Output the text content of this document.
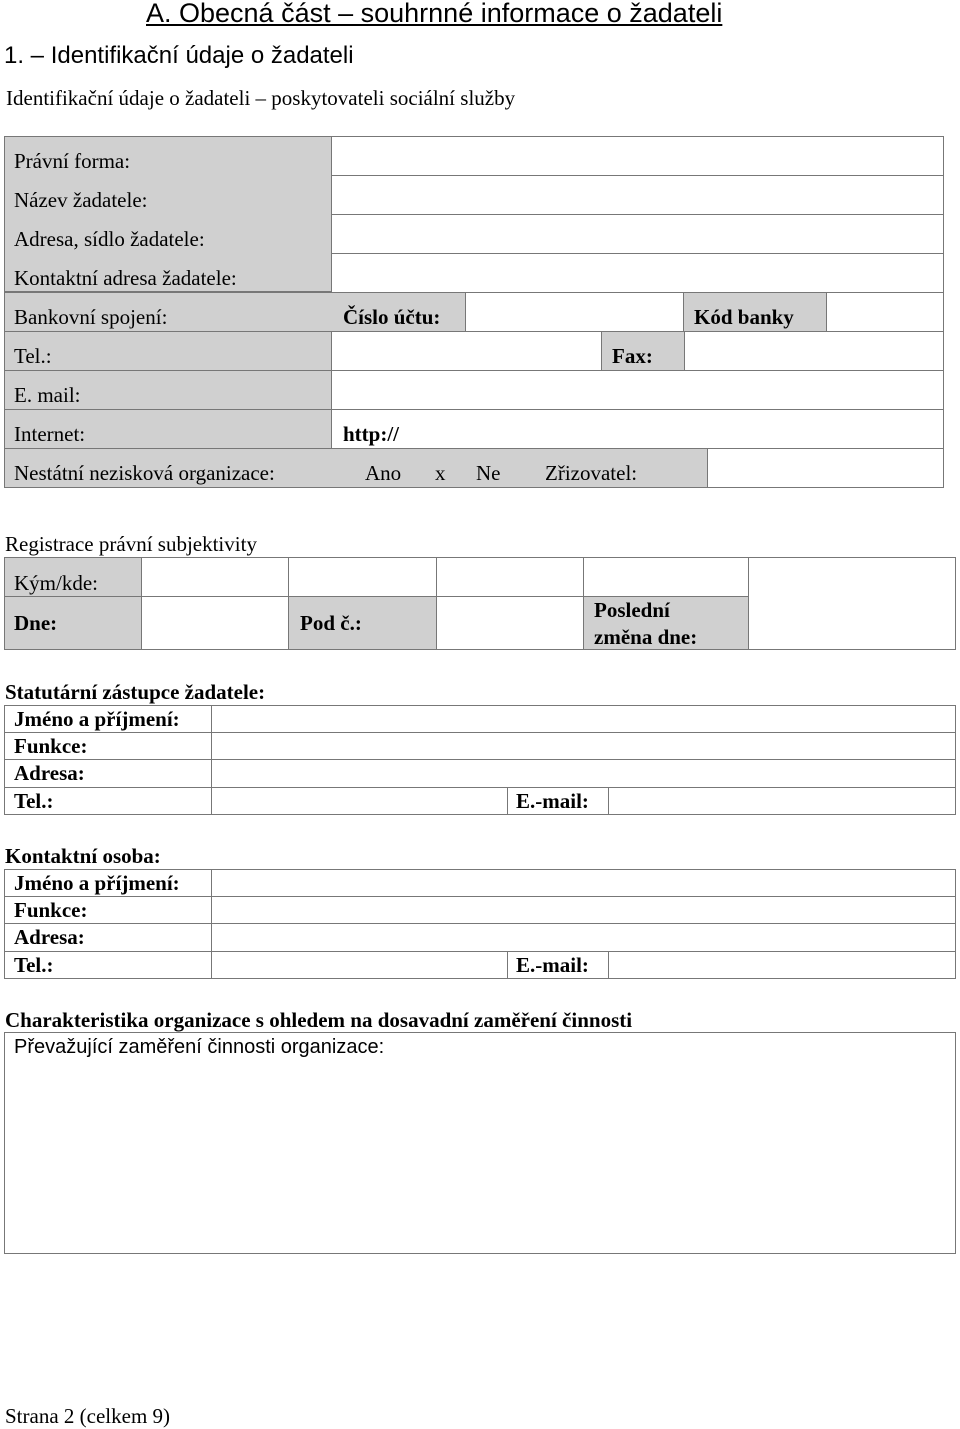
A. Obecná část – souhrnné informace o žadateli
1. – Identifikační údaje o žadateli
Identifikační údaje o žadateli – poskytovateli sociální služby
Právní forma:
Název žadatele:
Adresa, sídlo žadatele:
Kontaktní adresa žadatele:
Bankovní spojení:	Číslo účtu:	Kód banky
Tel.:	Fax:
E. mail:
Internet:	http://
Nestátní nezisková organizace:	Ano x Ne Zřizovatel:
Registrace právní subjektivity
Kým/kde:
Dne:	Pod č.:
Poslední
změna dne:
Statutární zástupce žadatele:
Jméno a příjmení:
Funkce:
Adresa:
Tel.:	E.-mail:
Kontaktní osoba:
Jméno a příjmení:
Funkce:
Adresa:
Tel.:	E.-mail:
Charakteristika organizace s ohledem na dosavadní zaměření činnosti
Převažující zaměření činnosti organizace:
Strana 2 (celkem 9)
